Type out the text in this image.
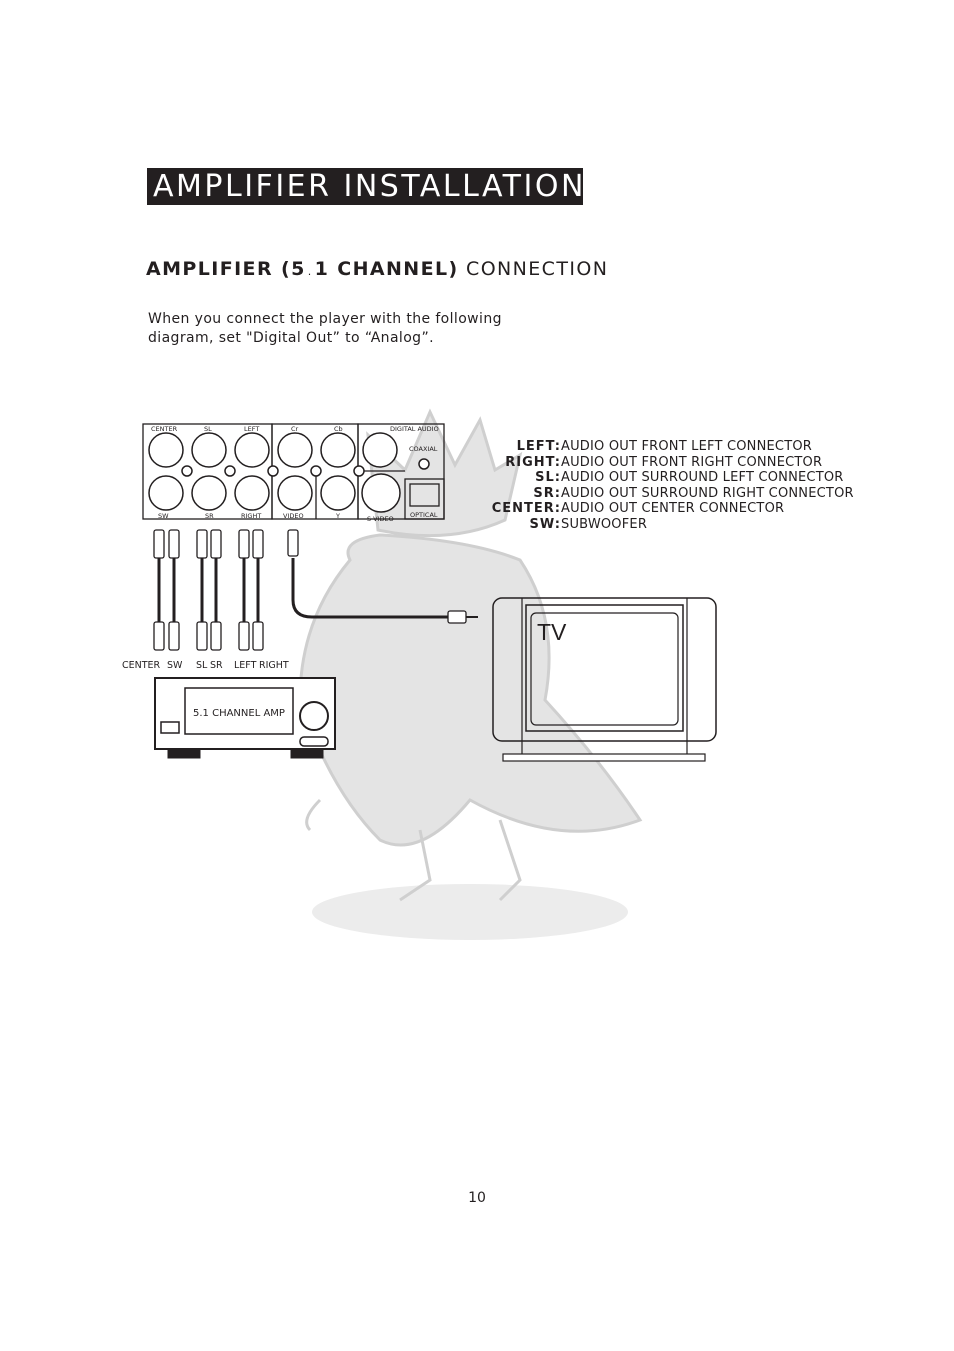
AMPLIFIER INSTALLATION
AMPLIFIER (5 . 1 CHANNEL) CONNECTION
When you connect the player with the following
diagram, set "Digital Out” to “Analog”.
CENTER	SL	LEFT	Cr	Cb
SW	SR	RIGHT	VIDEO	Y	S-VIDEO
DIGITAL AUDIO
COAXIAL
OPTICAL
CENTER SW SL SR LEFT RIGHT
5.1 CHANNEL AMP
TV
LEFT: AUDIO OUT FRONT LEFT CONNECTOR
RIGHT: AUDIO OUT FRONT RIGHT CONNECTOR
SL: AUDIO OUT SURROUND LEFT CONNECTOR
SR: AUDIO OUT SURROUND RIGHT CONNECTOR
CENTER: AUDIO OUT CENTER CONNECTOR
SW: SUBWOOFER
10
